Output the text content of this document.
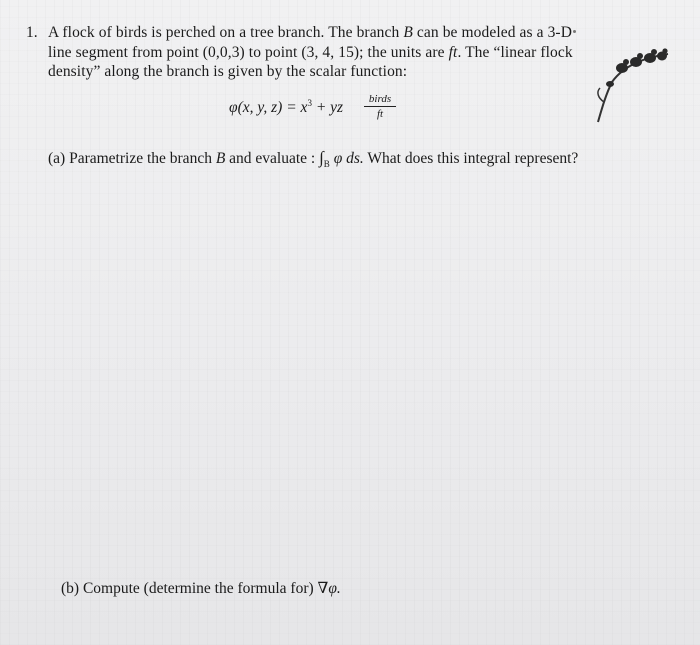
1. A flock of birds is perched on a tree branch. The branch B can be modeled as a 3-D
line segment from point (0,0,3) to point (3, 4, 15); the units are ft. The “linear flock
density” along the branch is given by the scalar function:
φ(x, y, $z) = x^3$ + yz
birds
ft
(a) Parametrize the branch B and evaluate : $\int_B$ φ ds. What does this integral represent?
(b) Compute (determine the formula for) ∇φ.
